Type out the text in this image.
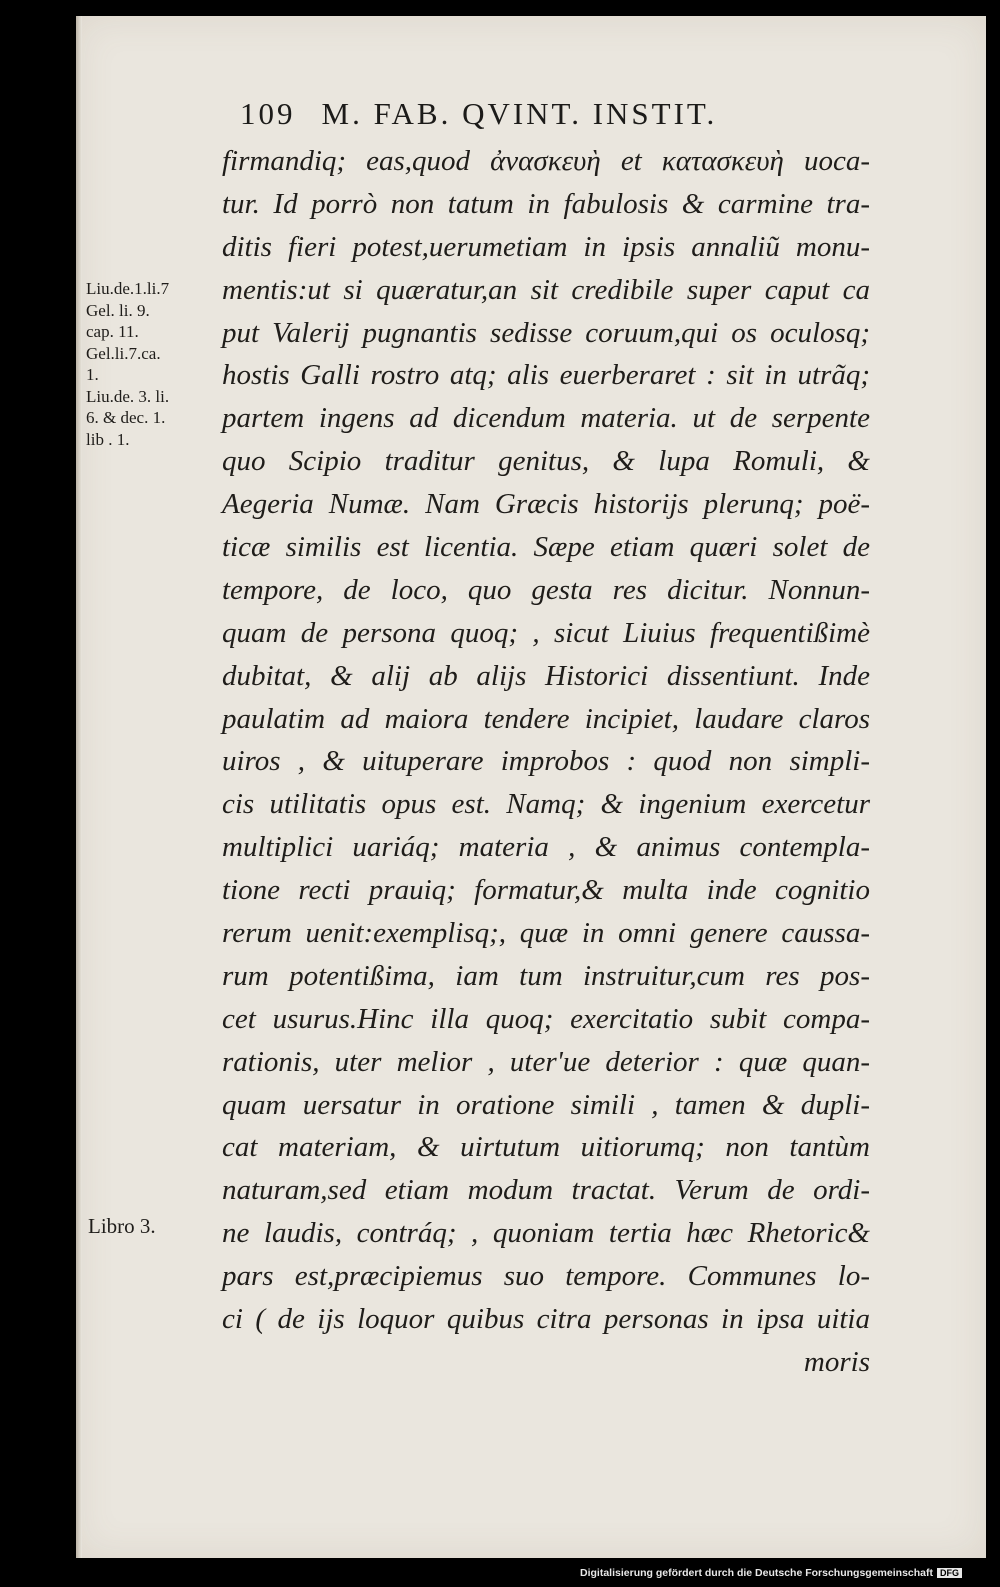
109 M. FAB. QVINT. INSTIT.
firmandiq; eas,quod ἀνασκευὴ et κατασκευὴ uoca-
tur. Id porrò non tatum in fabulosis & carmine tra-
ditis fieri potest,uerumetiam in ipsis annaliũ monu-
mentis:ut si quæratur,an sit credibile super caput ca
put Valerij pugnantis sedisse coruum,qui os oculosq;
hostis Galli rostro atq; alis euerberaret : sit in utrãq;
partem ingens ad dicendum materia. ut de serpente
quo Scipio traditur genitus, & lupa Romuli, &
Aegeria Numæ. Nam Græcis historijs plerunq; poë-
ticæ similis est licentia. Sæpe etiam quæri solet de
tempore, de loco, quo gesta res dicitur. Nonnun-
quam de persona quoq; , sicut Liuius frequentißimè
dubitat, & alij ab alijs Historici dissentiunt. Inde
paulatim ad maiora tendere incipiet, laudare claros
uiros , & uituperare improbos : quod non simpli-
cis utilitatis opus est. Namq; & ingenium exercetur
multiplici uariáq; materia , & animus contempla-
tione recti prauiq; formatur,& multa inde cognitio
rerum uenit:exemplisq;, quæ in omni genere caussa-
rum potentißima, iam tum instruitur,cum res pos-
cet usurus.Hinc illa quoq; exercitatio subit compa-
rationis, uter melior , uter'ue deterior : quæ quan-
quam uersatur in oratione simili , tamen & dupli-
cat materiam, & uirtutum uitiorumq; non tantùm
naturam,sed etiam modum tractat. Verum de ordi-
ne laudis, contráq; , quoniam tertia hæc Rhetoric&
pars est,præcipiemus suo tempore. Communes lo-
ci ( de ijs loquor quibus citra personas in ipsa uitia
moris
Liu.de.1.li.7
Gel. li. 9.
cap. 11.
Gel.li.7.ca.
1.
Liu.de. 3. li.
6. & dec. 1.
lib . 1.
Libro 3.
Digitalisierung gefördert durch die Deutsche Forschungsgemeinschaft DFG
